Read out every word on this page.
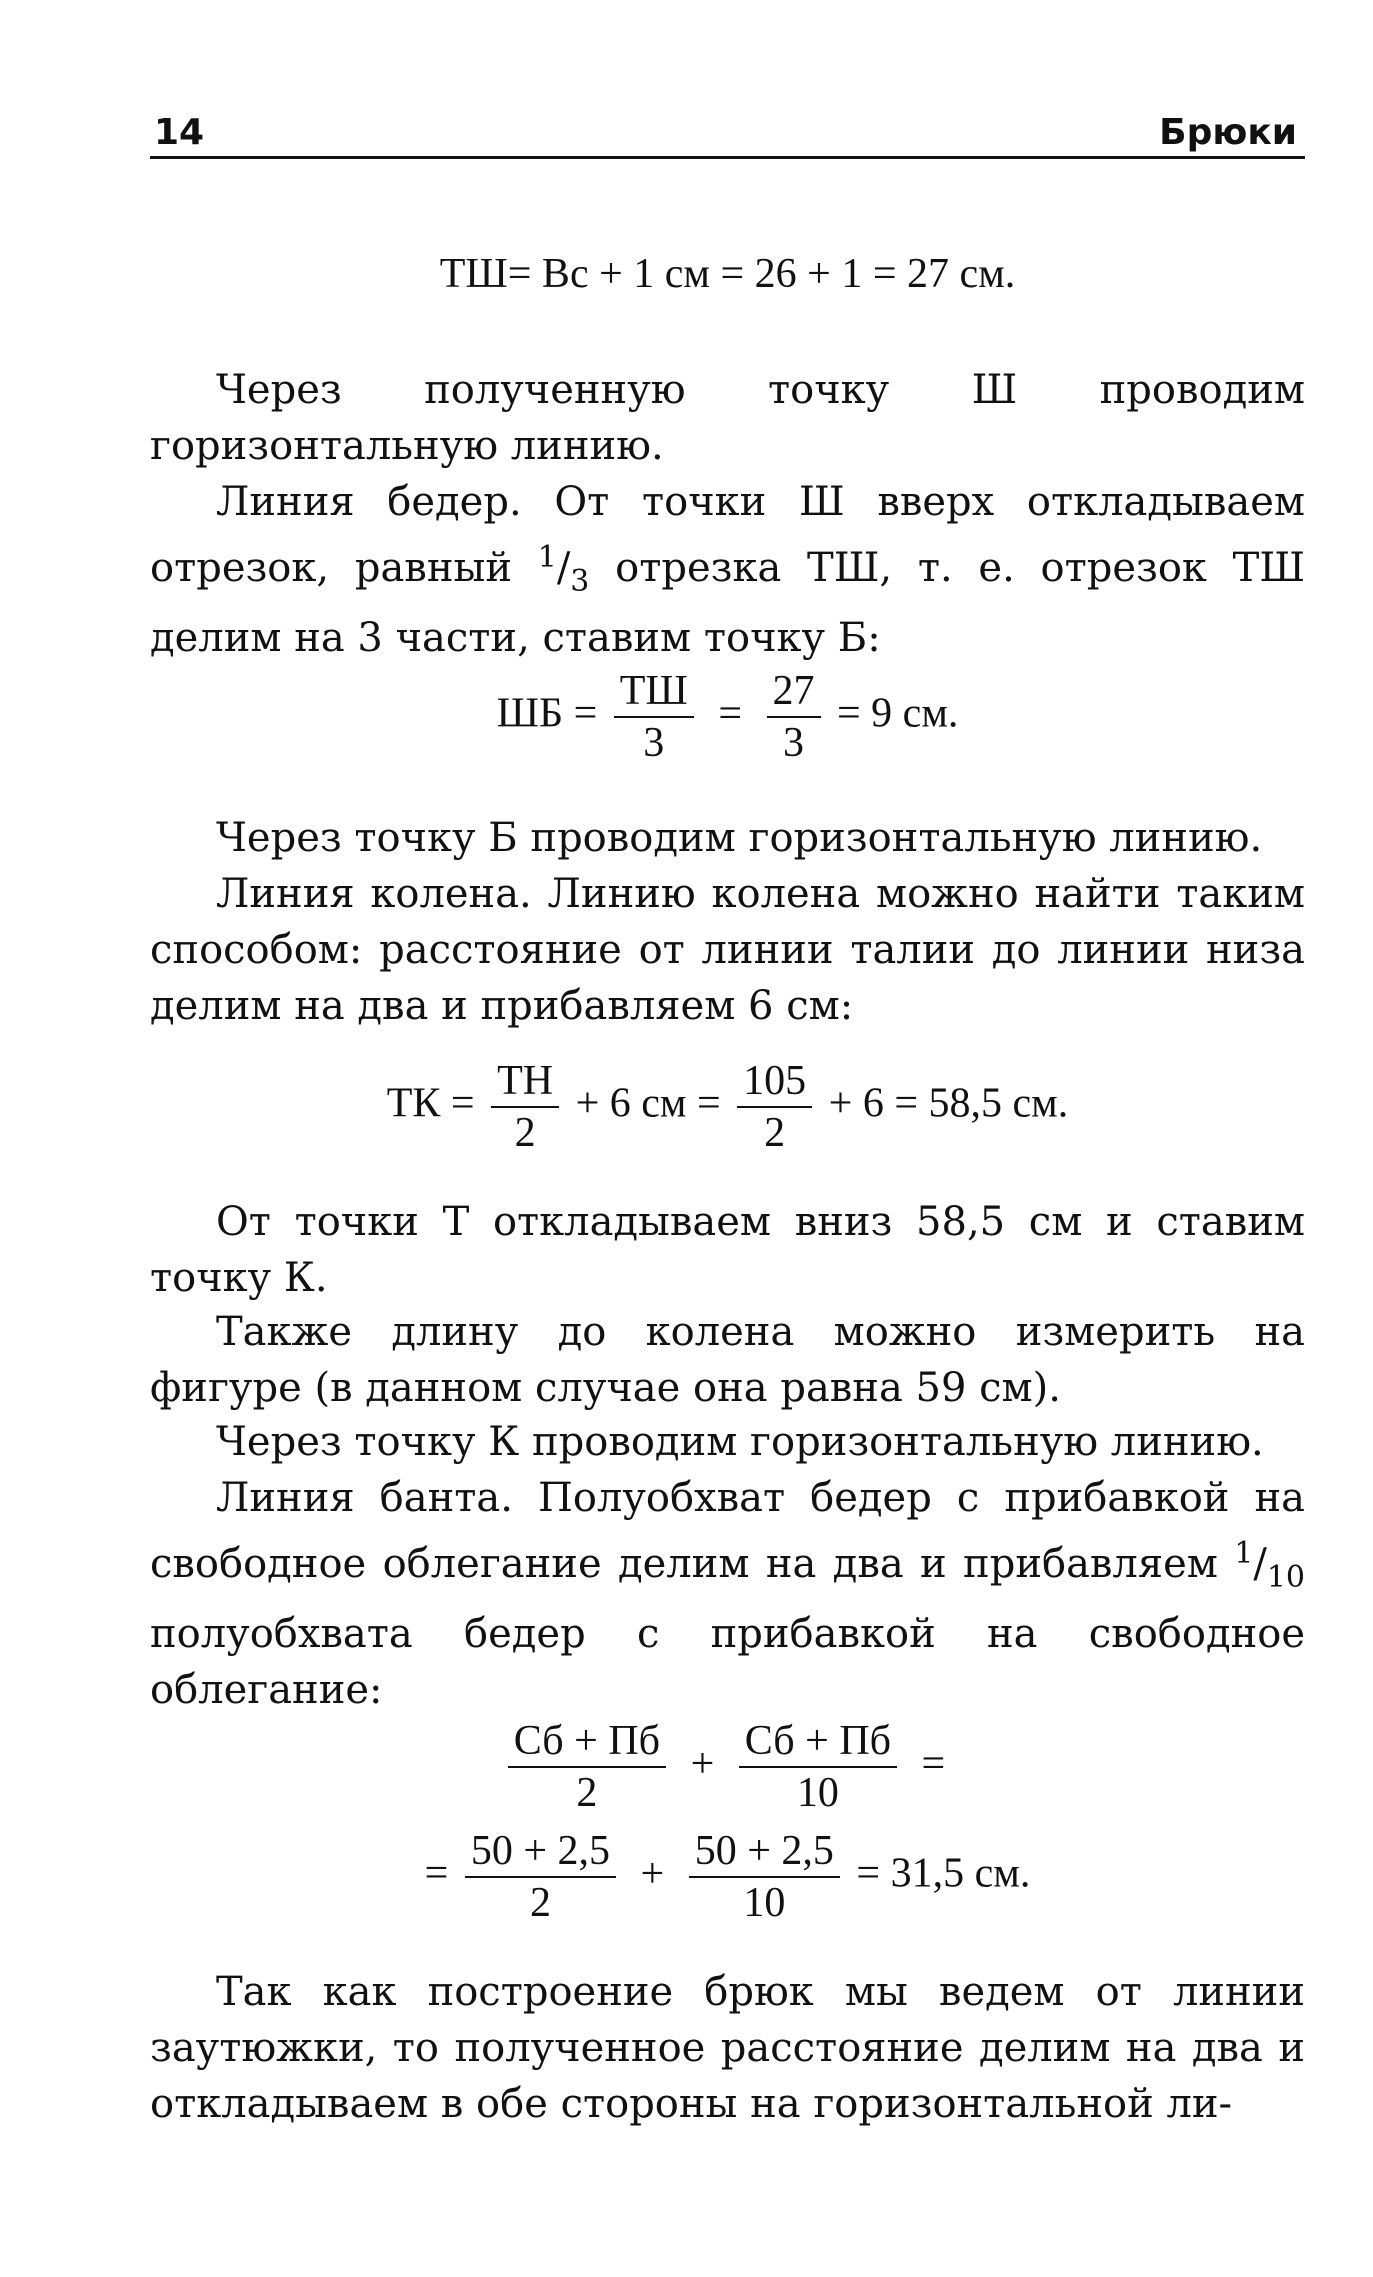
14	Брюки
ТШ= Вс + 1 см = 26 + 1 = 27 см.
Через полученную точку Ш проводим горизонтальную линию.
Линия бедер. От точки Ш вверх откладываем отрезок, равный $^1/_3$ отрезка ТШ, т. е. отрезок ТШ делим на 3 части, ставим точку Б:
ШБ = $\frac{ТШ}{3} = \frac{27}{3} = 9$ см.
Через точку Б проводим горизонтальную линию.
Линия колена. Линию колена можно найти таким способом: расстояние от линии талии до линии низа делим на два и прибавляем 6 см:
ТК = $\frac{ТН}{2} + 6$ см = $\frac{105}{2} + 6 = 58,5$ см.
От точки Т откладываем вниз 58,5 см и ставим точку К.
Также длину до колена можно измерить на фигуре (в данном случае она равна 59 см).
Через точку К проводим горизонтальную линию.
Линия банта. Полуобхват бедер с прибавкой на свободное облегание делим на два и прибавляем $^1/_{10}$ полуобхвата бедер с прибавкой на свободное облегание:
$\frac{Сб + Пб}{2} + \frac{Сб + Пб}{10}$ =
= $\frac{50 + 2,5}{2} + \frac{50 + 2,5}{10} = 31,5$ см.
Так как построение брюк мы ведем от линии заутюжки, то полученное расстояние делим на два и откладываем в обе стороны на горизонтальной ли-
